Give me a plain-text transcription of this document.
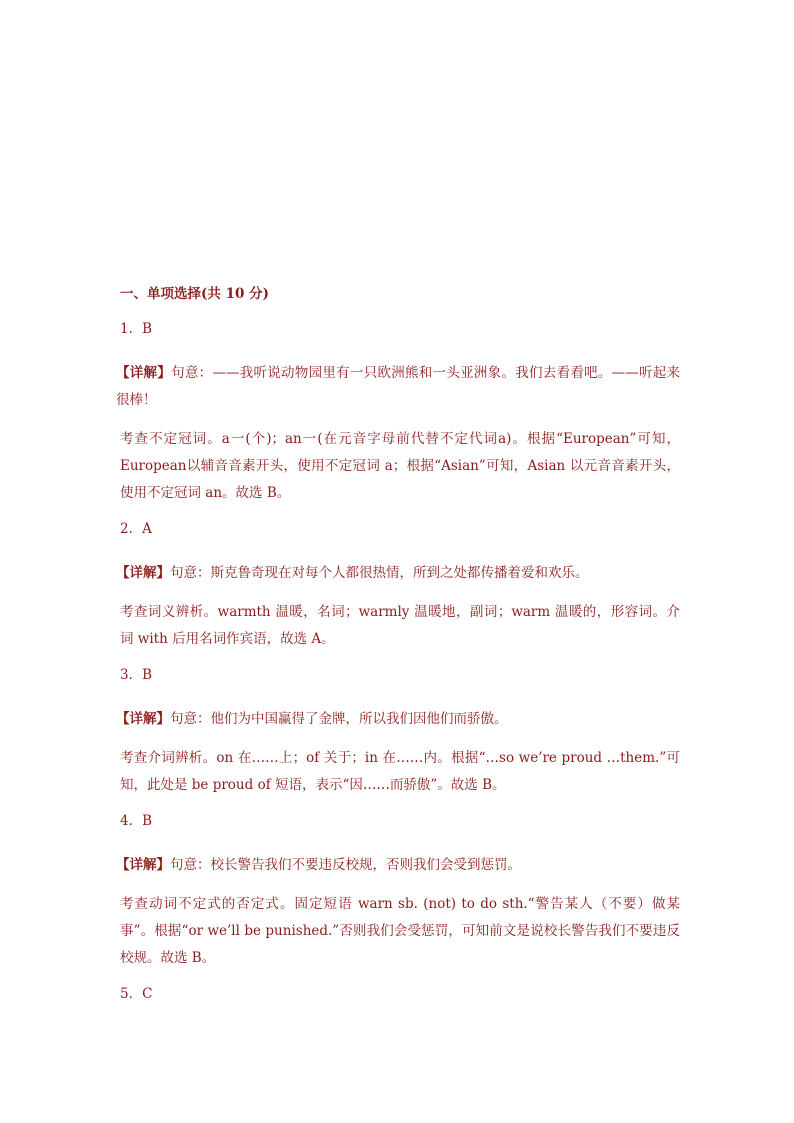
一、单项选择(共 10 分)
1．B
【详解】句意：——我听说动物园里有一只欧洲熊和一头亚洲象。我们去看看吧。——听起来很棒！
考查不定冠词。a一(个)；an一(在元音字母前代替不定代词a)。根据“European”可知，European以辅音音素开头，使用不定冠词 a；根据“Asian”可知，Asian 以元音音素开头，使用不定冠词 an。故选 B。
2．A
【详解】句意：斯克鲁奇现在对每个人都很热情，所到之处都传播着爱和欢乐。
考查词义辨析。warmth 温暖，名词；warmly 温暖地，副词；warm 温暖的，形容词。介词 with 后用名词作宾语，故选 A。
3．B
【详解】句意：他们为中国赢得了金牌，所以我们因他们而骄傲。
考查介词辨析。on 在……上；of 关于；in 在……内。根据“…so we’re proud …them.”可知，此处是 be proud of 短语，表示“因……而骄傲”。故选 B。
4．B
【详解】句意：校长警告我们不要违反校规，否则我们会受到惩罚。
考查动词不定式的否定式。固定短语 warn sb. (not) to do sth.“警告某人（不要）做某事”。根据“or we’ll be punished.”否则我们会受惩罚，可知前文是说校长警告我们不要违反校规。故选 B。
5．C
